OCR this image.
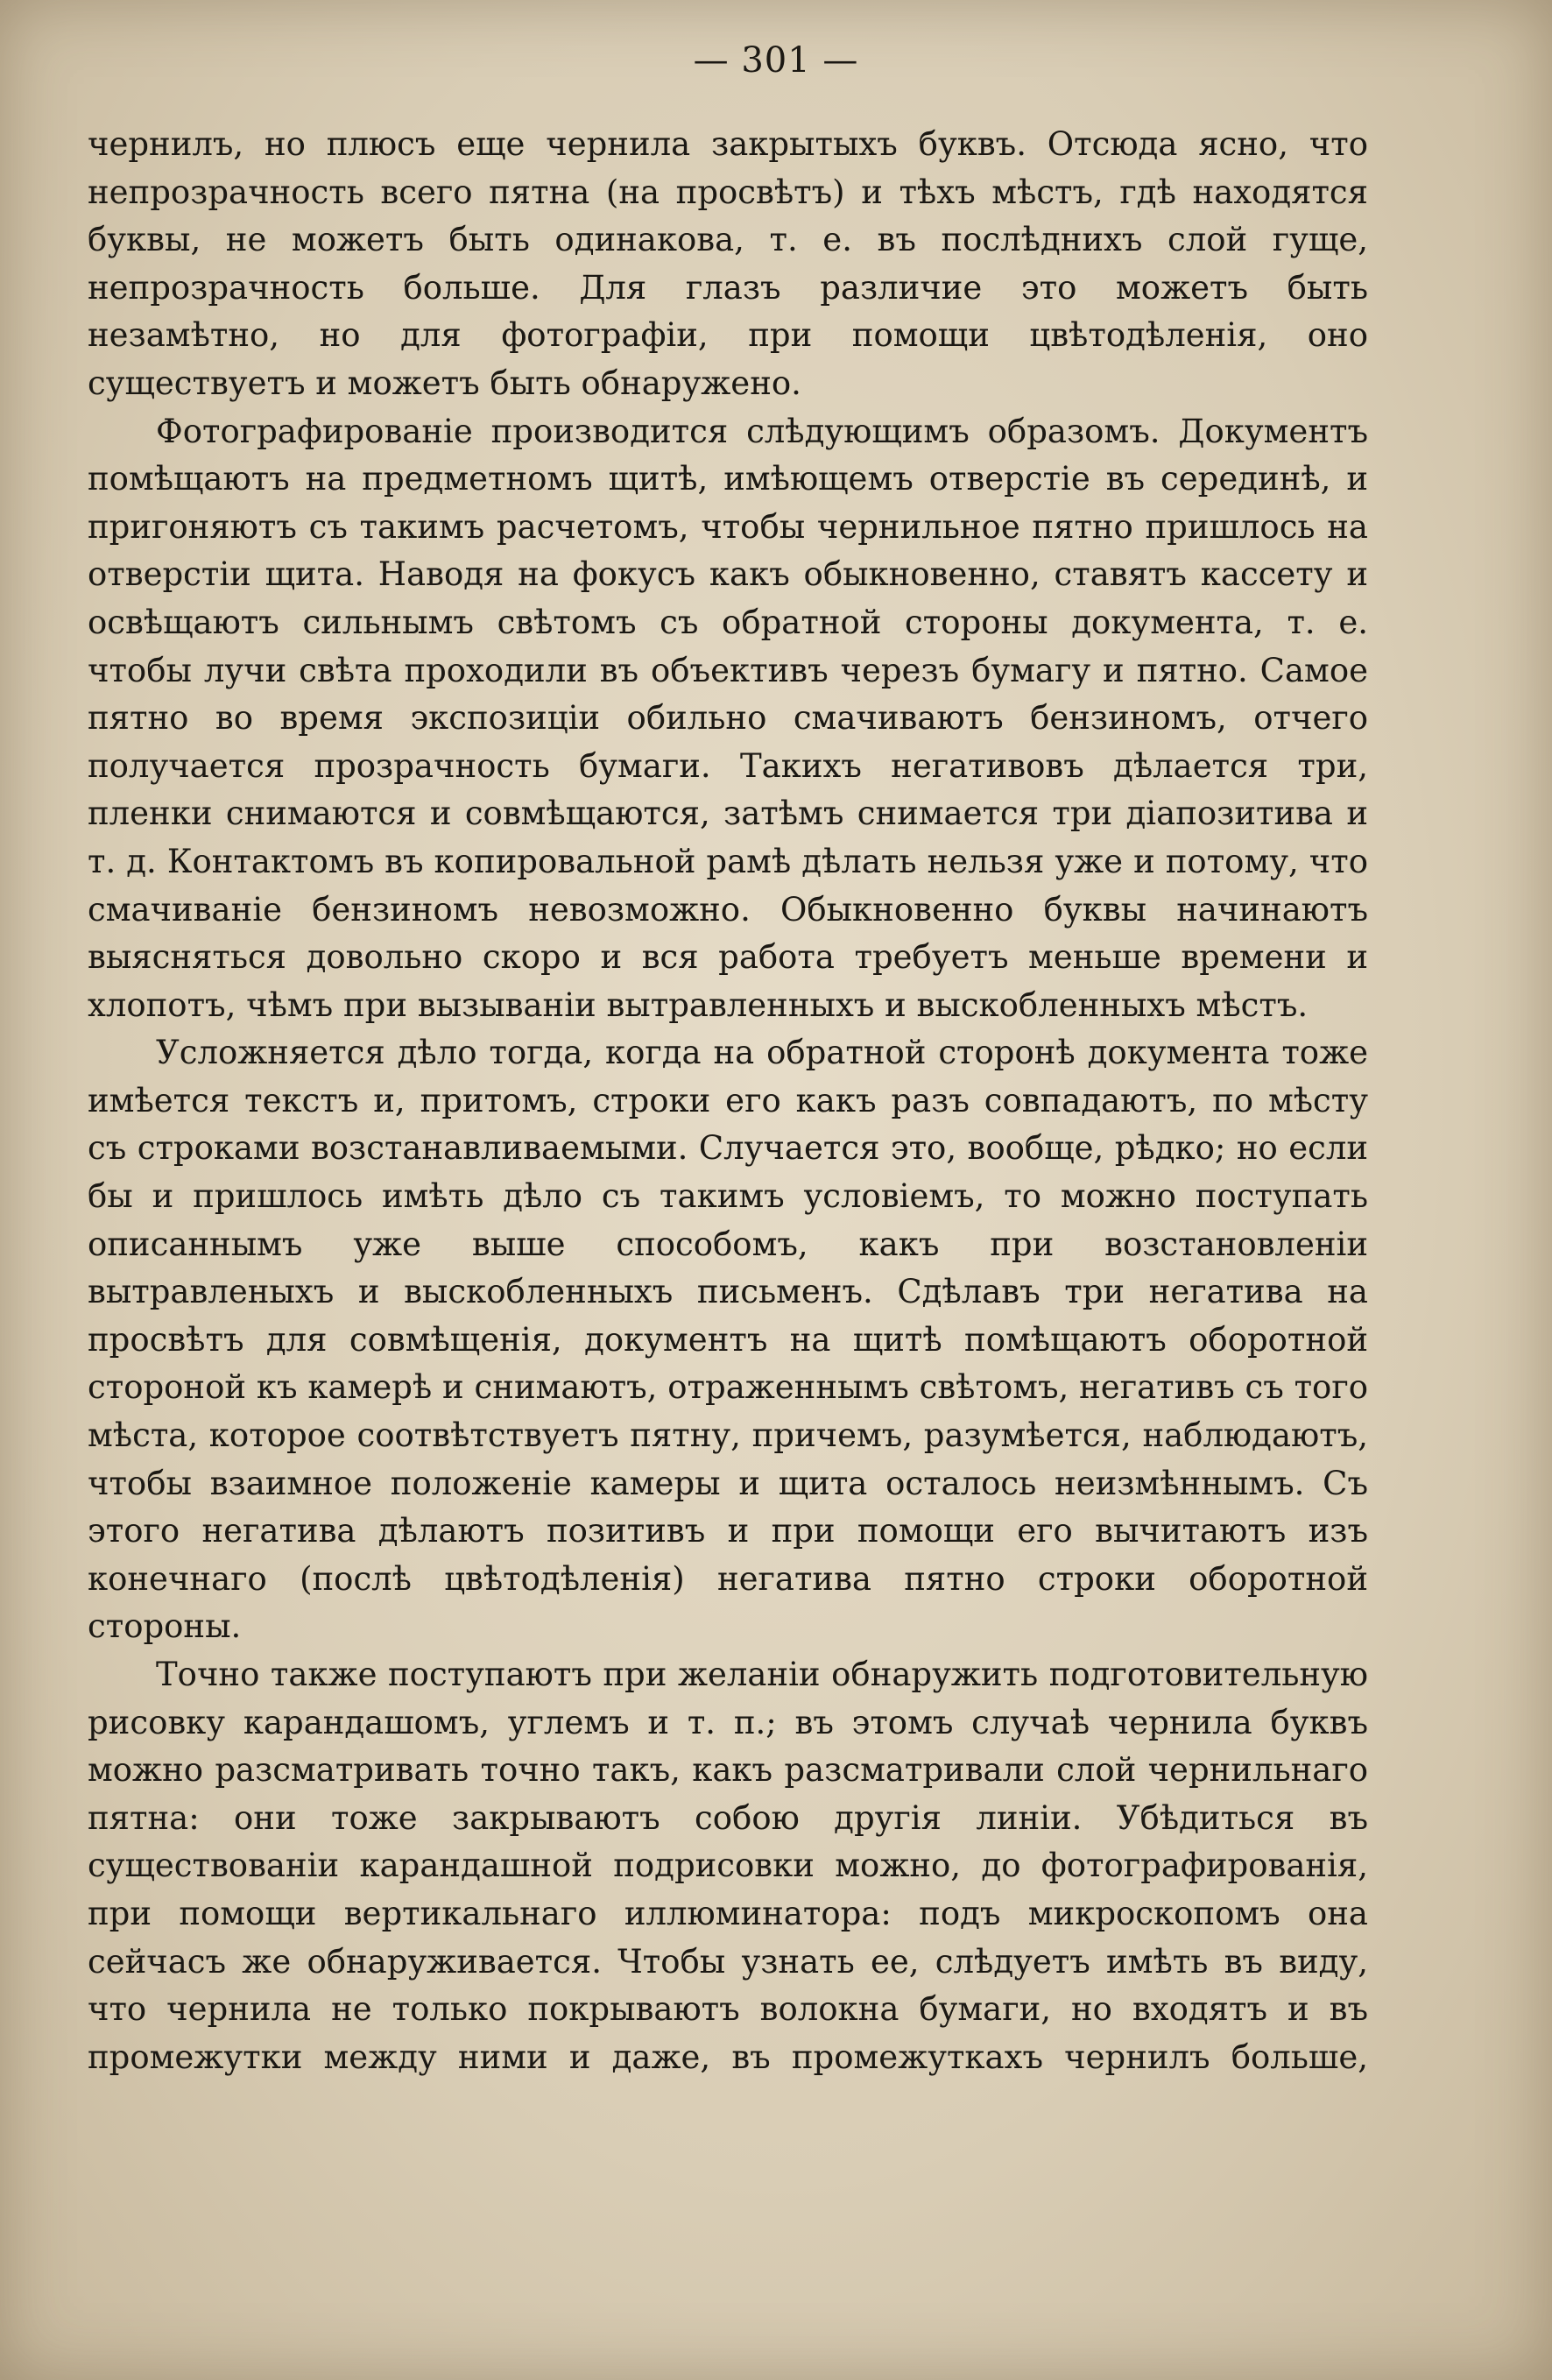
— 301 —

чернилъ, но плюсъ еще чернила закрытыхъ буквъ. Отсюда ясно, что непрозрачность всего пятна (на просвѣтъ) и тѣхъ мѣстъ, гдѣ находятся буквы, не можетъ быть одинакова, т. е. въ послѣднихъ слой гуще, непрозрачность больше. Для глазъ различие это можетъ быть незамѣтно, но для фотографіи, при помощи цвѣтодѣленія, оно существуетъ и можетъ быть обнаружено.

Фотографированіе производится слѣдующимъ образомъ. Документъ помѣщаютъ на предметномъ щитѣ, имѣющемъ отверстіе въ серединѣ, и пригоняютъ съ такимъ расчетомъ, чтобы чернильное пятно пришлось на отверстіи щита. Наводя на фокусъ какъ обыкновенно, ставятъ кассету и освѣщаютъ сильнымъ свѣтомъ съ обратной стороны документа, т. е. чтобы лучи свѣта проходили въ объективъ черезъ бумагу и пятно. Самое пятно во время экспозиціи обильно смачиваютъ бензиномъ, отчего получается прозрачность бумаги. Такихъ негативовъ дѣлается три, пленки снимаются и совмѣщаются, затѣмъ снимается три діапозитива и т. д. Контактомъ въ копировальной рамѣ дѣлать нельзя уже и потому, что смачиваніе бензиномъ невозможно. Обыкновенно буквы начинаютъ выясняться довольно скоро и вся работа требуетъ меньше времени и хлопотъ, чѣмъ при вызываніи вытравленныхъ и выскобленныхъ мѣстъ.

Усложняется дѣло тогда, когда на обратной сторонѣ документа тоже имѣется текстъ и, притомъ, строки его какъ разъ совпадаютъ, по мѣсту съ строками возстанавливаемыми. Случается это, вообще, рѣдко; но если бы и пришлось имѣть дѣло съ такимъ условіемъ, то можно поступать описаннымъ уже выше способомъ, какъ при возстановленіи вытравленыхъ и выскобленныхъ письменъ. Сдѣлавъ три негатива на просвѣтъ для совмѣщенія, документъ на щитѣ помѣщаютъ оборотной стороной къ камерѣ и снимаютъ, отраженнымъ свѣтомъ, негативъ съ того мѣста, которое соотвѣтствуетъ пятну, причемъ, разумѣется, наблюдаютъ, чтобы взаимное положеніе камеры и щита осталось неизмѣннымъ. Съ этого негатива дѣлаютъ позитивъ и при помощи его вычитаютъ изъ конечнаго (послѣ цвѣтодѣленія) негатива пятно строки оборотной стороны.

Точно также поступаютъ при желаніи обнаружить подготовительную рисовку карандашомъ, углемъ и т. п.; въ этомъ случаѣ чернила буквъ можно разсматривать точно такъ, какъ разсматривали слой чернильнаго пятна: они тоже закрываютъ собою другія линіи. Убѣдиться въ существованіи карандашной подрисовки можно, до фотографированія, при помощи вертикальнаго иллюминатора: подъ микроскопомъ она сейчасъ же обнаруживается. Чтобы узнать ее, слѣдуетъ имѣть въ виду, что чернила не только покрываютъ волокна бумаги, но входятъ и въ промежутки между ними и даже, въ промежуткахъ чернилъ больше,
